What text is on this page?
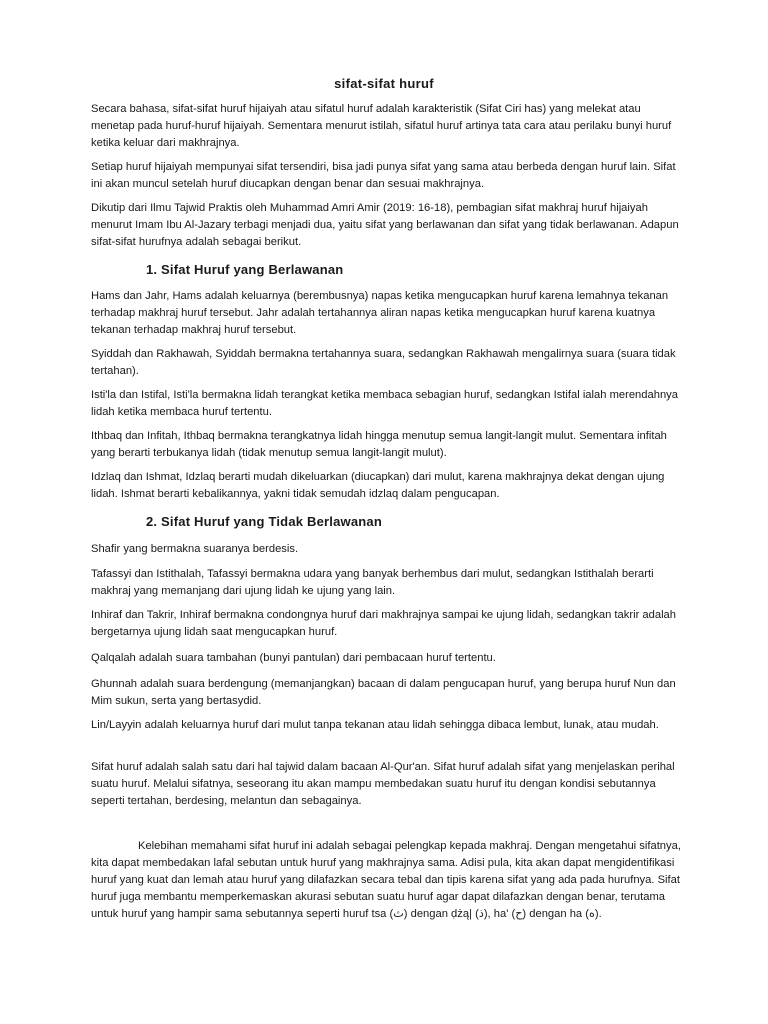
sifat-sifat huruf

Secara bahasa, sifat-sifat huruf hijaiyah atau sifatul huruf adalah karakteristik (Sifat Ciri has) yang melekat atau menetap pada huruf-huruf hijaiyah. Sementara menurut istilah, sifatul huruf artinya tata cara atau perilaku bunyi huruf ketika keluar dari makhrajnya.

Setiap huruf hijaiyah mempunyai sifat tersendiri, bisa jadi punya sifat yang sama atau berbeda dengan huruf lain. Sifat ini akan muncul setelah huruf diucapkan dengan benar dan sesuai makhrajnya.

Dikutip dari Ilmu Tajwid Praktis oleh Muhammad Amri Amir (2019: 16-18), pembagian sifat makhraj huruf hijaiyah menurut Imam Ibu Al-Jazary terbagi menjadi dua, yaitu sifat yang berlawanan dan sifat yang tidak berlawanan. Adapun sifat-sifat hurufnya adalah sebagai berikut.

1. Sifat Huruf yang Berlawanan

Hams dan Jahr, Hams adalah keluarnya (berembusnya) napas ketika mengucapkan huruf karena lemahnya tekanan terhadap makhraj huruf tersebut. Jahr adalah tertahannya aliran napas ketika mengucapkan huruf karena kuatnya tekanan terhadap makhraj huruf tersebut.

Syiddah dan Rakhawah, Syiddah bermakna tertahannya suara, sedangkan Rakhawah mengalirnya suara (suara tidak tertahan).

Isti'la dan Istifal, Isti'la bermakna lidah terangkat ketika membaca sebagian huruf, sedangkan Istifal ialah merendahnya lidah ketika membaca huruf tertentu.

Ithbaq dan Infitah, Ithbaq bermakna terangkatnya lidah hingga menutup semua langit-langit mulut. Sementara infitah yang berarti terbukanya lidah (tidak menutup semua langit-langit mulut).

Idzlaq dan Ishmat, Idzlaq berarti mudah dikeluarkan (diucapkan) dari mulut, karena makhrajnya dekat dengan ujung lidah. Ishmat berarti kebalikannya, yakni tidak semudah idzlaq dalam pengucapan.

2. Sifat Huruf yang Tidak Berlawanan

Shafir yang bermakna suaranya berdesis.

Tafassyi dan Istithalah, Tafassyi bermakna udara yang banyak berhembus dari mulut, sedangkan Istithalah berarti makhraj yang memanjang dari ujung lidah ke ujung yang lain.

Inhiraf dan Takrir, Inhiraf bermakna condongnya huruf dari makhrajnya sampai ke ujung lidah, sedangkan takrir adalah bergetarnya ujung lidah saat mengucapkan huruf.

Qalqalah adalah suara tambahan (bunyi pantulan) dari pembacaan huruf tertentu.

Ghunnah adalah suara berdengung (memanjangkan) bacaan di dalam pengucapan huruf, yang berupa huruf Nun dan Mim sukun, serta yang bertasydid.

Lin/Layyin adalah keluarnya huruf dari mulut tanpa tekanan atau lidah sehingga dibaca lembut, lunak, atau mudah.

Sifat huruf adalah salah satu dari hal tajwid dalam bacaan Al-Qur'an. Sifat huruf adalah sifat yang menjelaskan perihal suatu huruf. Melalui sifatnya, seseorang itu akan mampu membedakan suatu huruf itu dengan kondisi sebutannya seperti tertahan, berdesing, melantun dan sebagainya.

Kelebihan memahami sifat huruf ini adalah sebagai pelengkap kepada makhraj. Dengan mengetahui sifatnya, kita dapat membedakan lafal sebutan untuk huruf yang makhrajnya sama. Adisi pula, kita akan dapat mengidentifikasi huruf yang kuat dan lemah atau huruf yang dilafazkan secara tebal dan tipis karena sifat yang ada pada hurufnya. Sifat huruf juga membantu memperkemaskan akurasi sebutan suatu huruf agar dapat dilafazkan dengan benar, terutama untuk huruf yang hampir sama sebutannya seperti huruf tsa (ث) dengan ḍżą| (ذ), ha' (ح) dengan ha (ه).
